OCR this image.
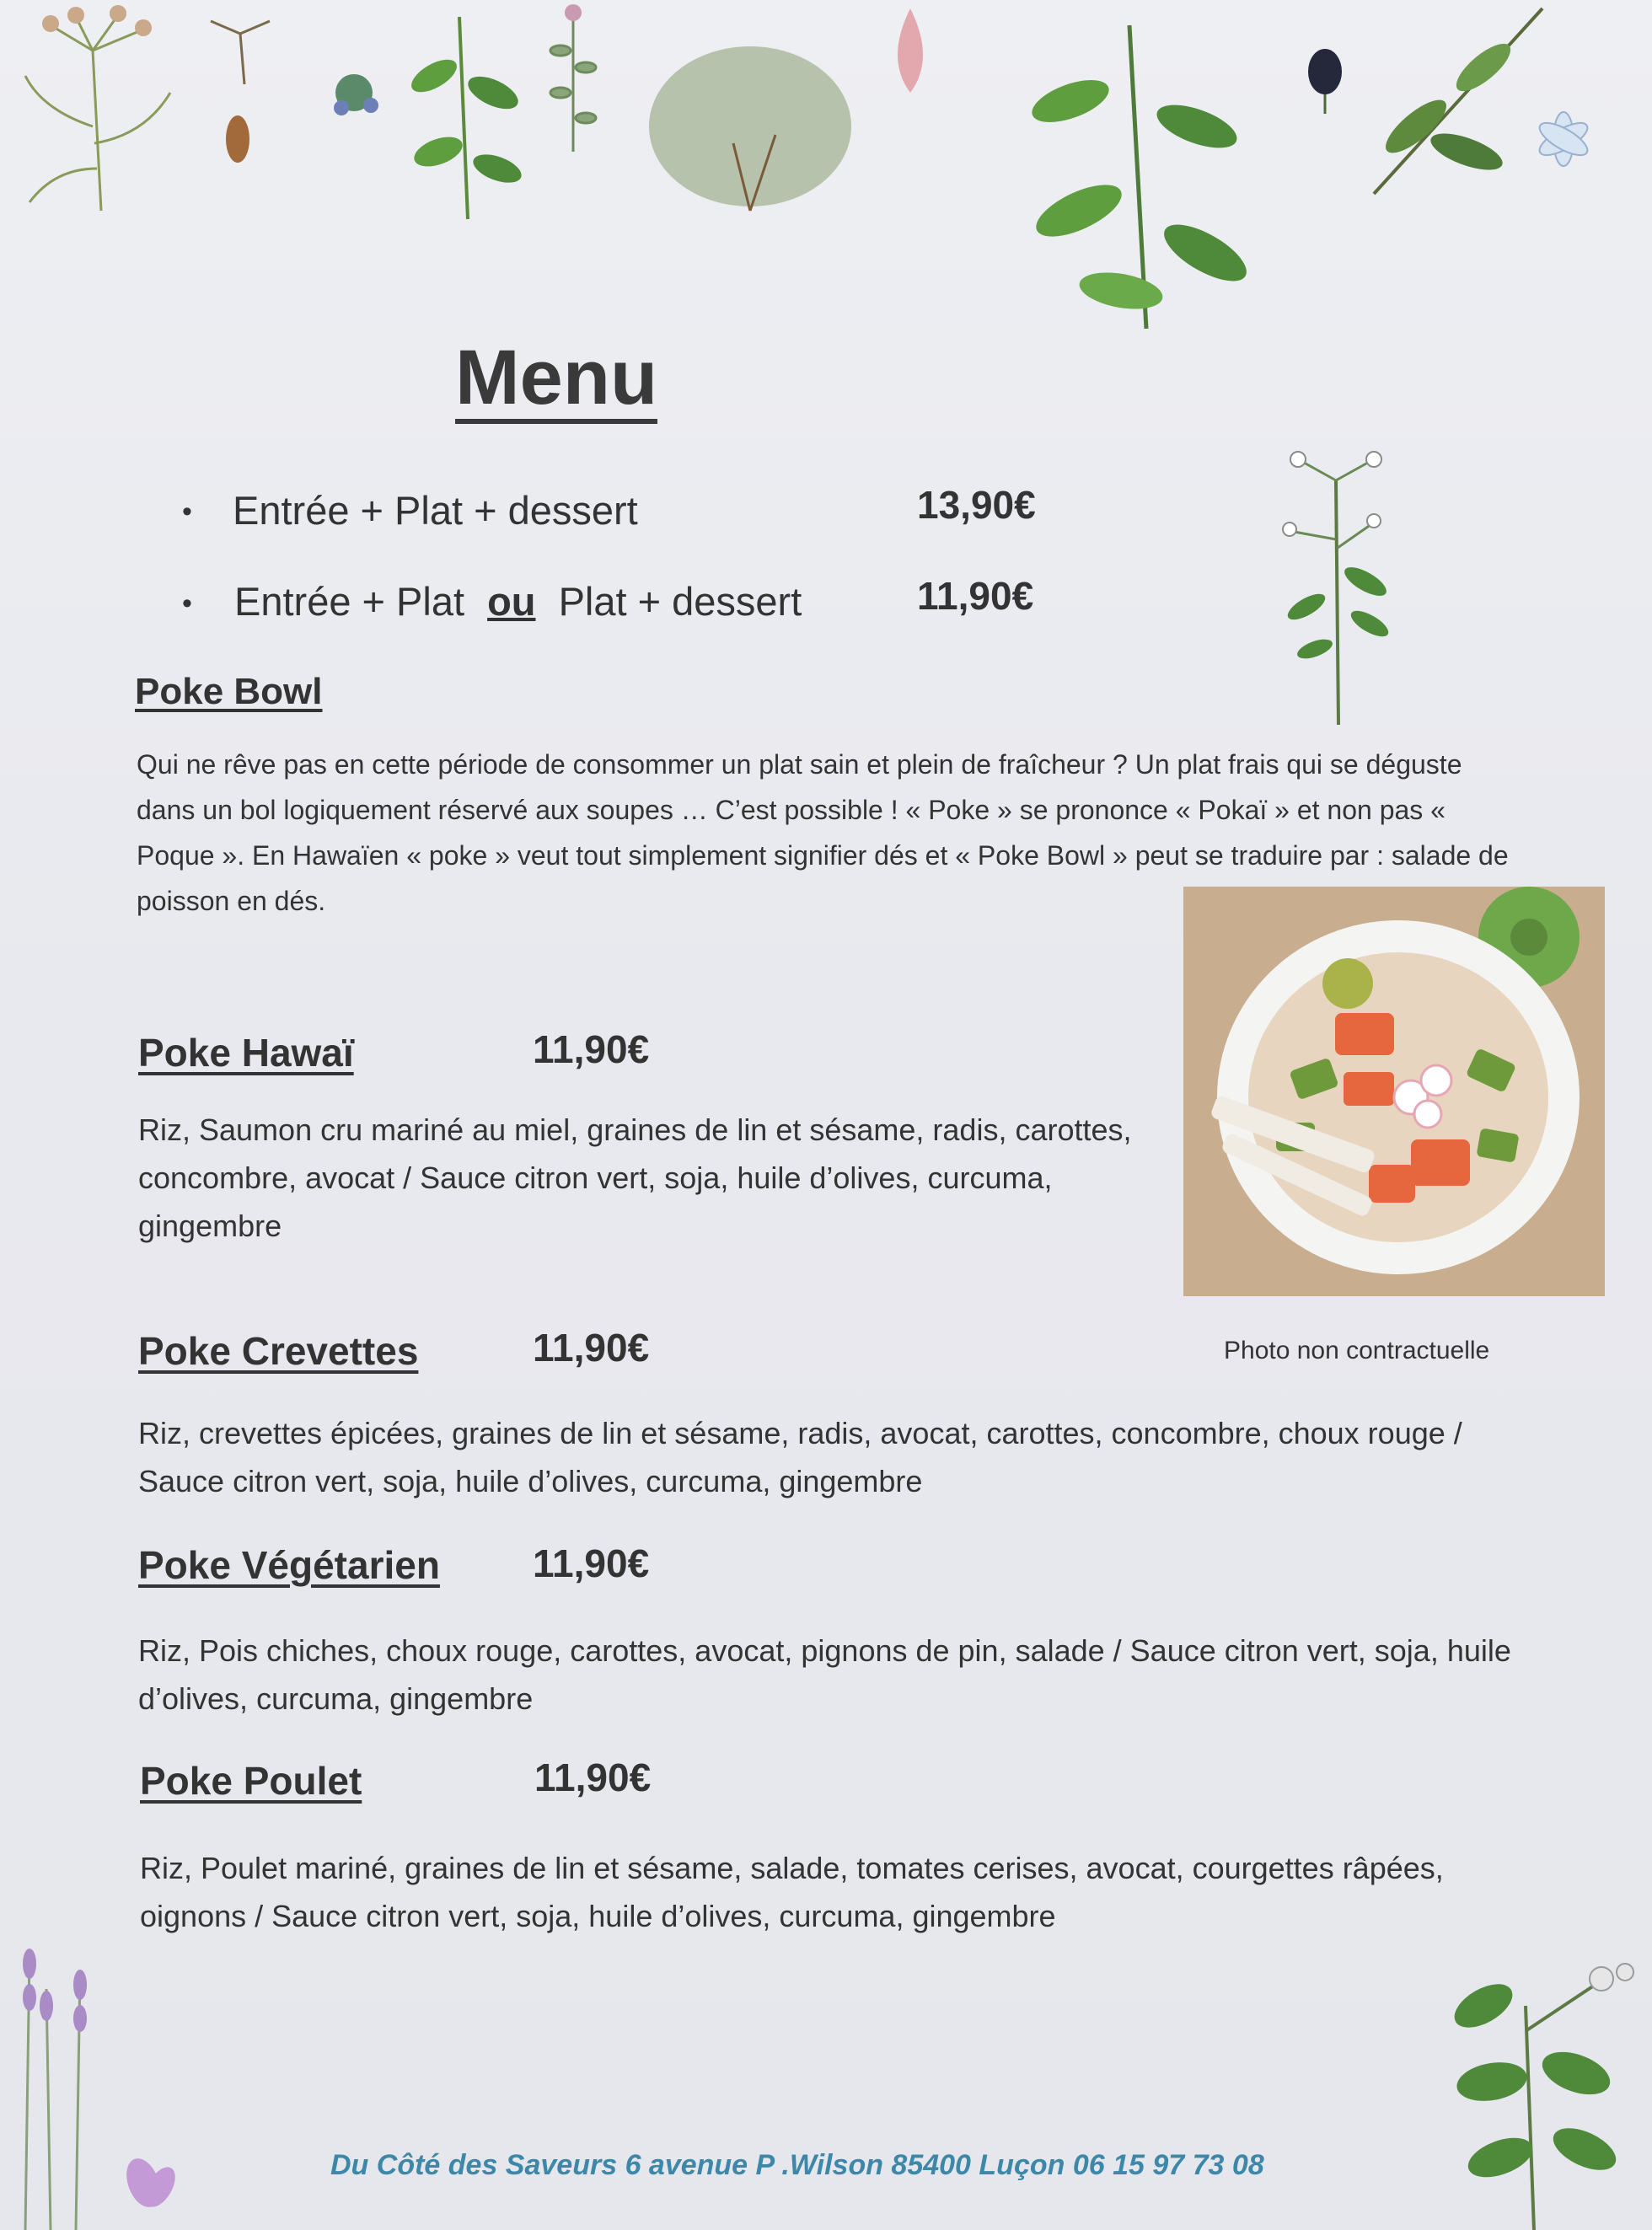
Menu
• Entrée + Plat + dessert	13,90€
• Entrée + Plat ou Plat + dessert	11,90€
Poke Bowl
Qui ne rêve pas en cette période de consommer un plat sain et plein de fraîcheur ? Un plat frais qui se déguste dans un bol logiquement réservé aux soupes … C’est possible ! « Poke » se prononce « Pokaï » et non pas « Poque ». En Hawaïen « poke » veut tout simplement signifier dés et « Poke Bowl » peut se traduire par : salade de poisson en dés.
Photo non contractuelle
Poke Hawaï	11,90€
Riz, Saumon cru mariné au miel, graines de lin et sésame, radis, carottes, concombre, avocat / Sauce citron vert, soja, huile d’olives, curcuma, gingembre
Poke Crevettes	11,90€
Riz, crevettes épicées, graines de lin et sésame, radis, avocat, carottes, concombre, choux rouge / Sauce citron vert, soja, huile d’olives, curcuma, gingembre
Poke Végétarien 11,90€
Riz, Pois chiches, choux rouge, carottes, avocat, pignons de pin, salade / Sauce citron vert, soja, huile d’olives, curcuma, gingembre
Poke Poulet	11,90€
Riz, Poulet mariné, graines de lin et sésame, salade, tomates cerises, avocat, courgettes râpées, oignons / Sauce citron vert, soja, huile d’olives, curcuma, gingembre
Du Côté des Saveurs 6 avenue P .Wilson 85400 Luçon 06 15 97 73 08
